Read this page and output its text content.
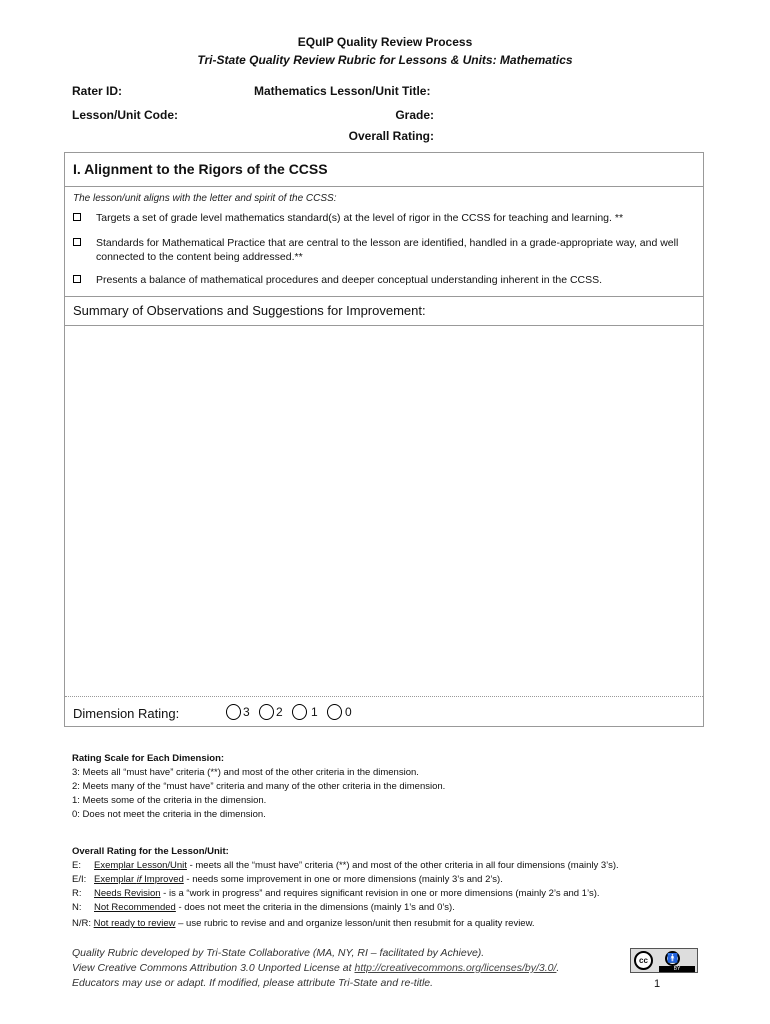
EQuIP Quality Review Process
Tri-State Quality Review Rubric for Lessons & Units: Mathematics
Rater ID:	Mathematics Lesson/Unit Title:
Lesson/Unit Code:	Grade:
Overall Rating:
I. Alignment to the Rigors of the CCSS
The lesson/unit aligns with the letter and spirit of the CCSS:
Targets a set of grade level mathematics standard(s) at the level of rigor in the CCSS for teaching and learning. **
Standards for Mathematical Practice that are central to the lesson are identified, handled in a grade-appropriate way, and well connected to the content being addressed.**
Presents a balance of mathematical procedures and deeper conceptual understanding inherent in the CCSS.
Summary of Observations and Suggestions for Improvement:
Dimension Rating:	3 2 1 0
Rating Scale for Each Dimension:
3: Meets all “must have” criteria (**) and most of the other criteria in the dimension.
2: Meets many of the “must have” criteria and many of the other criteria in the dimension.
1: Meets some of the criteria in the dimension.
0: Does not meet the criteria in the dimension.
Overall Rating for the Lesson/Unit:
E: Exemplar Lesson/Unit - meets all the “must have” criteria (**) and most of the other criteria in all four dimensions (mainly 3’s).
E/I: Exemplar if Improved - needs some improvement in one or more dimensions (mainly 3’s and 2’s).
R: Needs Revision - is a “work in progress” and requires significant revision in one or more dimensions (mainly 2’s and 1’s).
N: Not Recommended - does not meet the criteria in the dimensions (mainly 1’s and 0’s).
N/R: Not ready to review – use rubric to revise and and organize lesson/unit then resubmit for a quality review.
Quality Rubric developed by Tri-State Collaborative (MA, NY, RI – facilitated by Achieve).
View Creative Commons Attribution 3.0 Unported License at http://creativecommons.org/licenses/by/3.0/.
Educators may use or adapt. If modified, please attribute Tri-State and re-title.
cc	🚹
BY
1
